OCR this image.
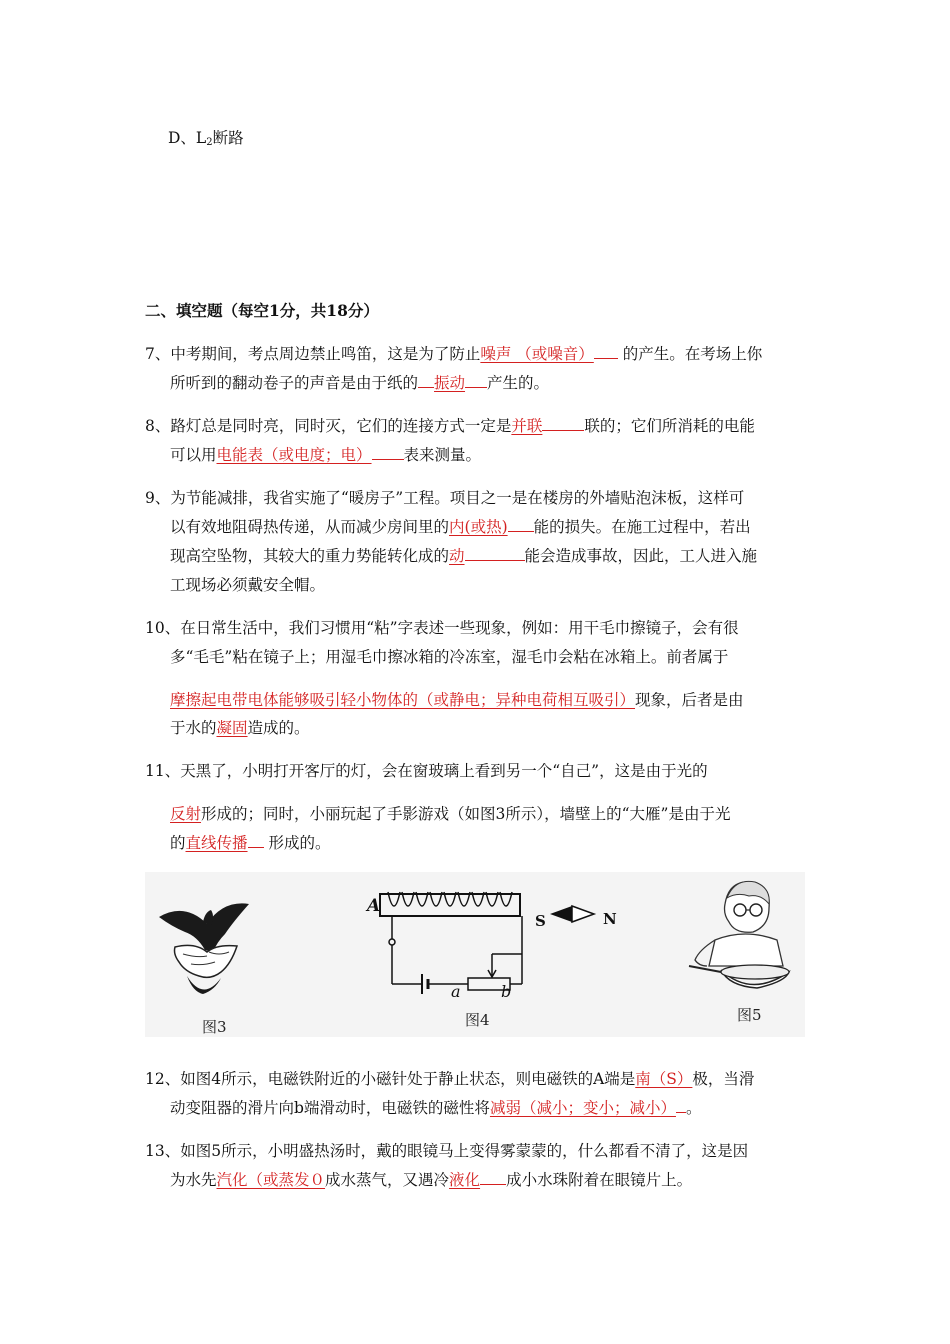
D、$L_2$断路
二、填空题（每空1分，共18分）
7、中考期间，考点周边禁止鸣笛，这是为了防止噪声 （或噪音） 的产生。在考场上你
所听到的翻动卷子的声音是由于纸的 振动 产生的。
8、路灯总是同时亮，同时灭，它们的连接方式一定是并联	联的；它们所消耗的电能
可以用电能表（或电度；电） 表来测量。
9、为节能减排，我省实施了“暖房子”工程。项目之一是在楼房的外墙贴泡沫板，这样可
以有效地阻碍热传递，从而减少房间里的内(或热) 能的损失。在施工过程中，若出
现高空坠物，其较大的重力势能转化成的动	能会造成事故，因此，工人进入施
工现场必须戴安全帽。
10、在日常生活中，我们习惯用“粘”字表述一些现象，例如：用干毛巾擦镜子，会有很
多“毛毛”粘在镜子上；用湿毛巾擦冰箱的冷冻室，湿毛巾会粘在冰箱上。前者属于
摩擦起电带电体能够吸引轻小物体的（或静电；异种电荷相互吸引）现象，后者是由
于水的凝固造成的。
11、天黑了，小明打开客厅的灯，会在窗玻璃上看到另一个“自己”，这是由于光的
反射形成的；同时，小丽玩起了手影游戏（如图3所示），墙壁上的“大雁”是由于光
的直线传播 形成的。
图3
A
S	N
a	b
图4	图5
12、如图4所示，电磁铁附近的小磁针处于静止状态，则电磁铁的A端是南（S）极，当滑
动变阻器的滑片向b端滑动时，电磁铁的磁性将减弱（减小；变小；减小） 。
13、如图5所示，小明盛热汤时，戴的眼镜马上变得雾蒙蒙的，什么都看不清了，这是因
为水先汽化（或蒸发０成水蒸气，又遇冷液化 成小水珠附着在眼镜片上。
